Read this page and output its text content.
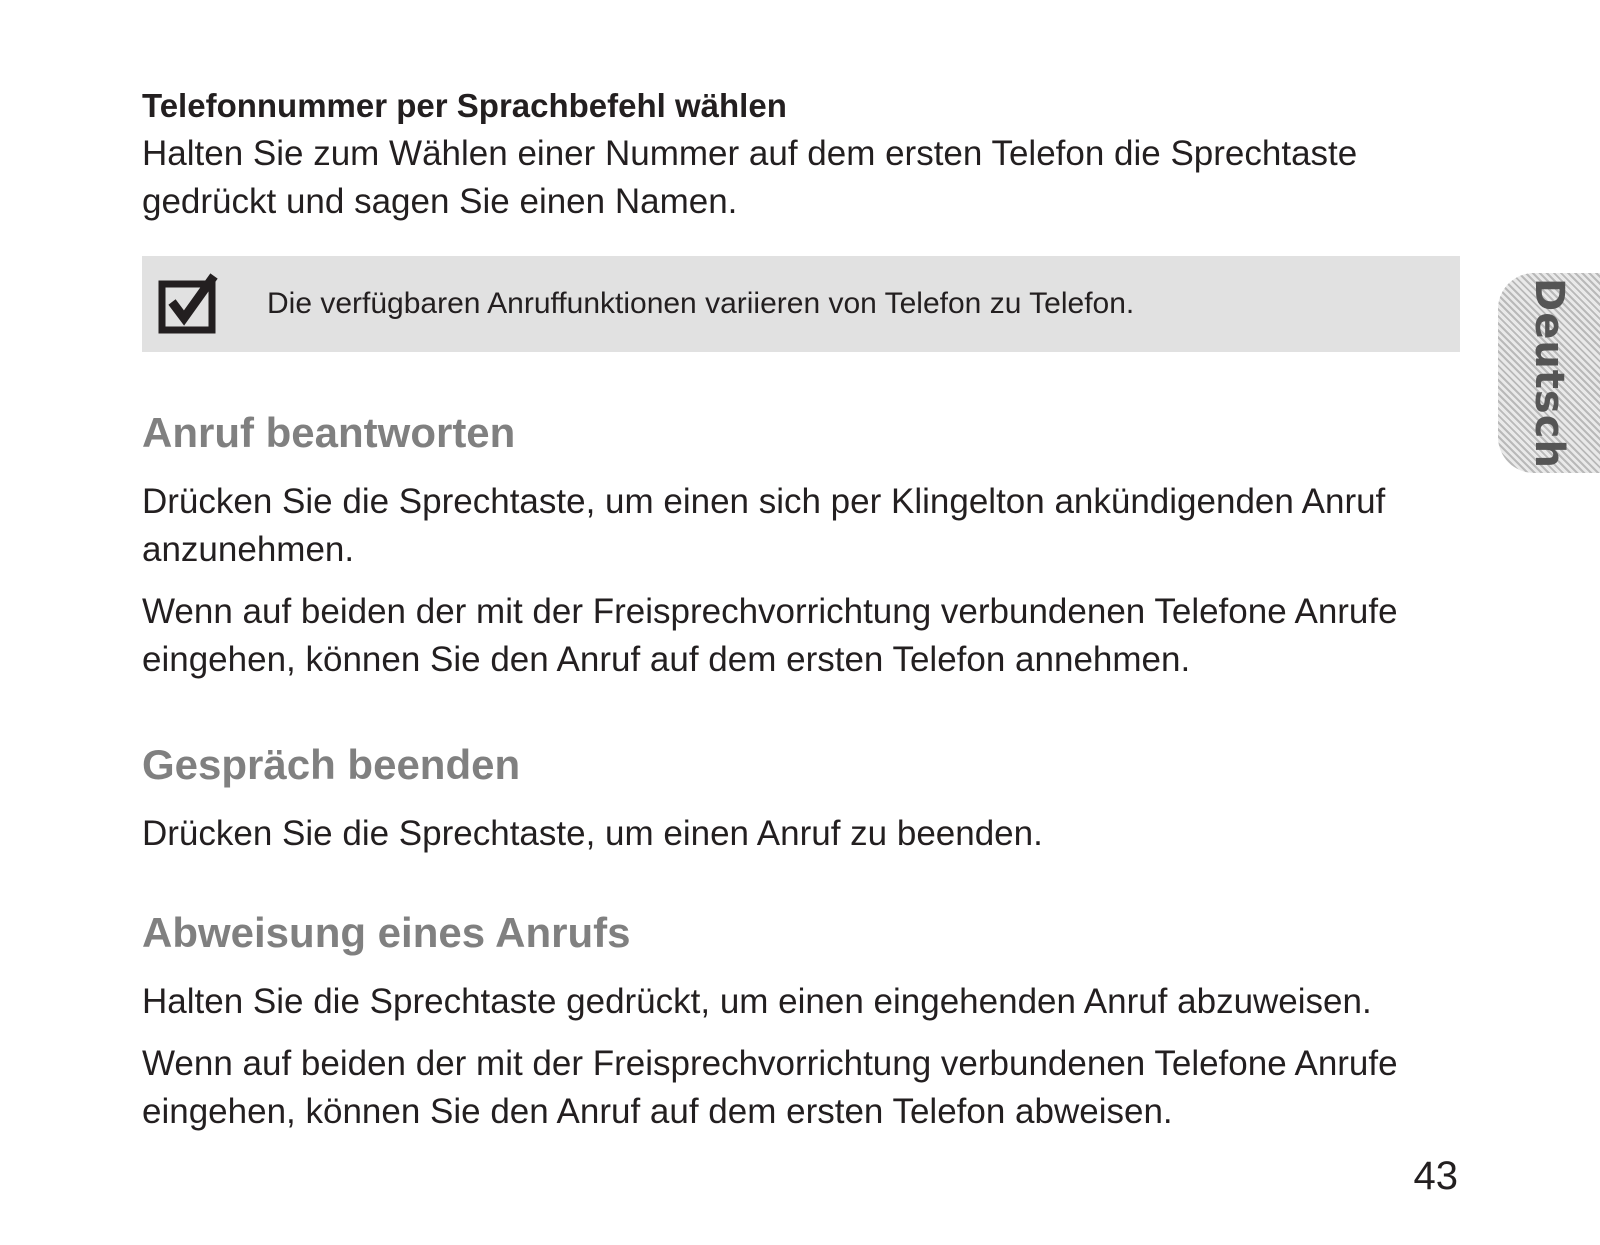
Telefonnummer per Sprachbefehl wählen

Halten Sie zum Wählen einer Nummer auf dem ersten Telefon die Sprechtaste gedrückt und sagen Sie einen Namen.

Die verfügbaren Anruffunktionen variieren von Telefon zu Telefon.
Anruf beantworten

Drücken Sie die Sprechtaste, um einen sich per Klingelton ankündigenden Anruf anzunehmen.

Wenn auf beiden der mit der Freisprechvorrichtung verbundenen Telefone Anrufe eingehen, können Sie den Anruf auf dem ersten Telefon annehmen.

Gespräch beenden

Drücken Sie die Sprechtaste, um einen Anruf zu beenden.

Abweisung eines Anrufs

Halten Sie die Sprechtaste gedrückt, um einen eingehenden Anruf abzuweisen.

Wenn auf beiden der mit der Freisprechvorrichtung verbundenen Telefone Anrufe eingehen, können Sie den Anruf auf dem ersten Telefon abweisen.

Deutsch
43
